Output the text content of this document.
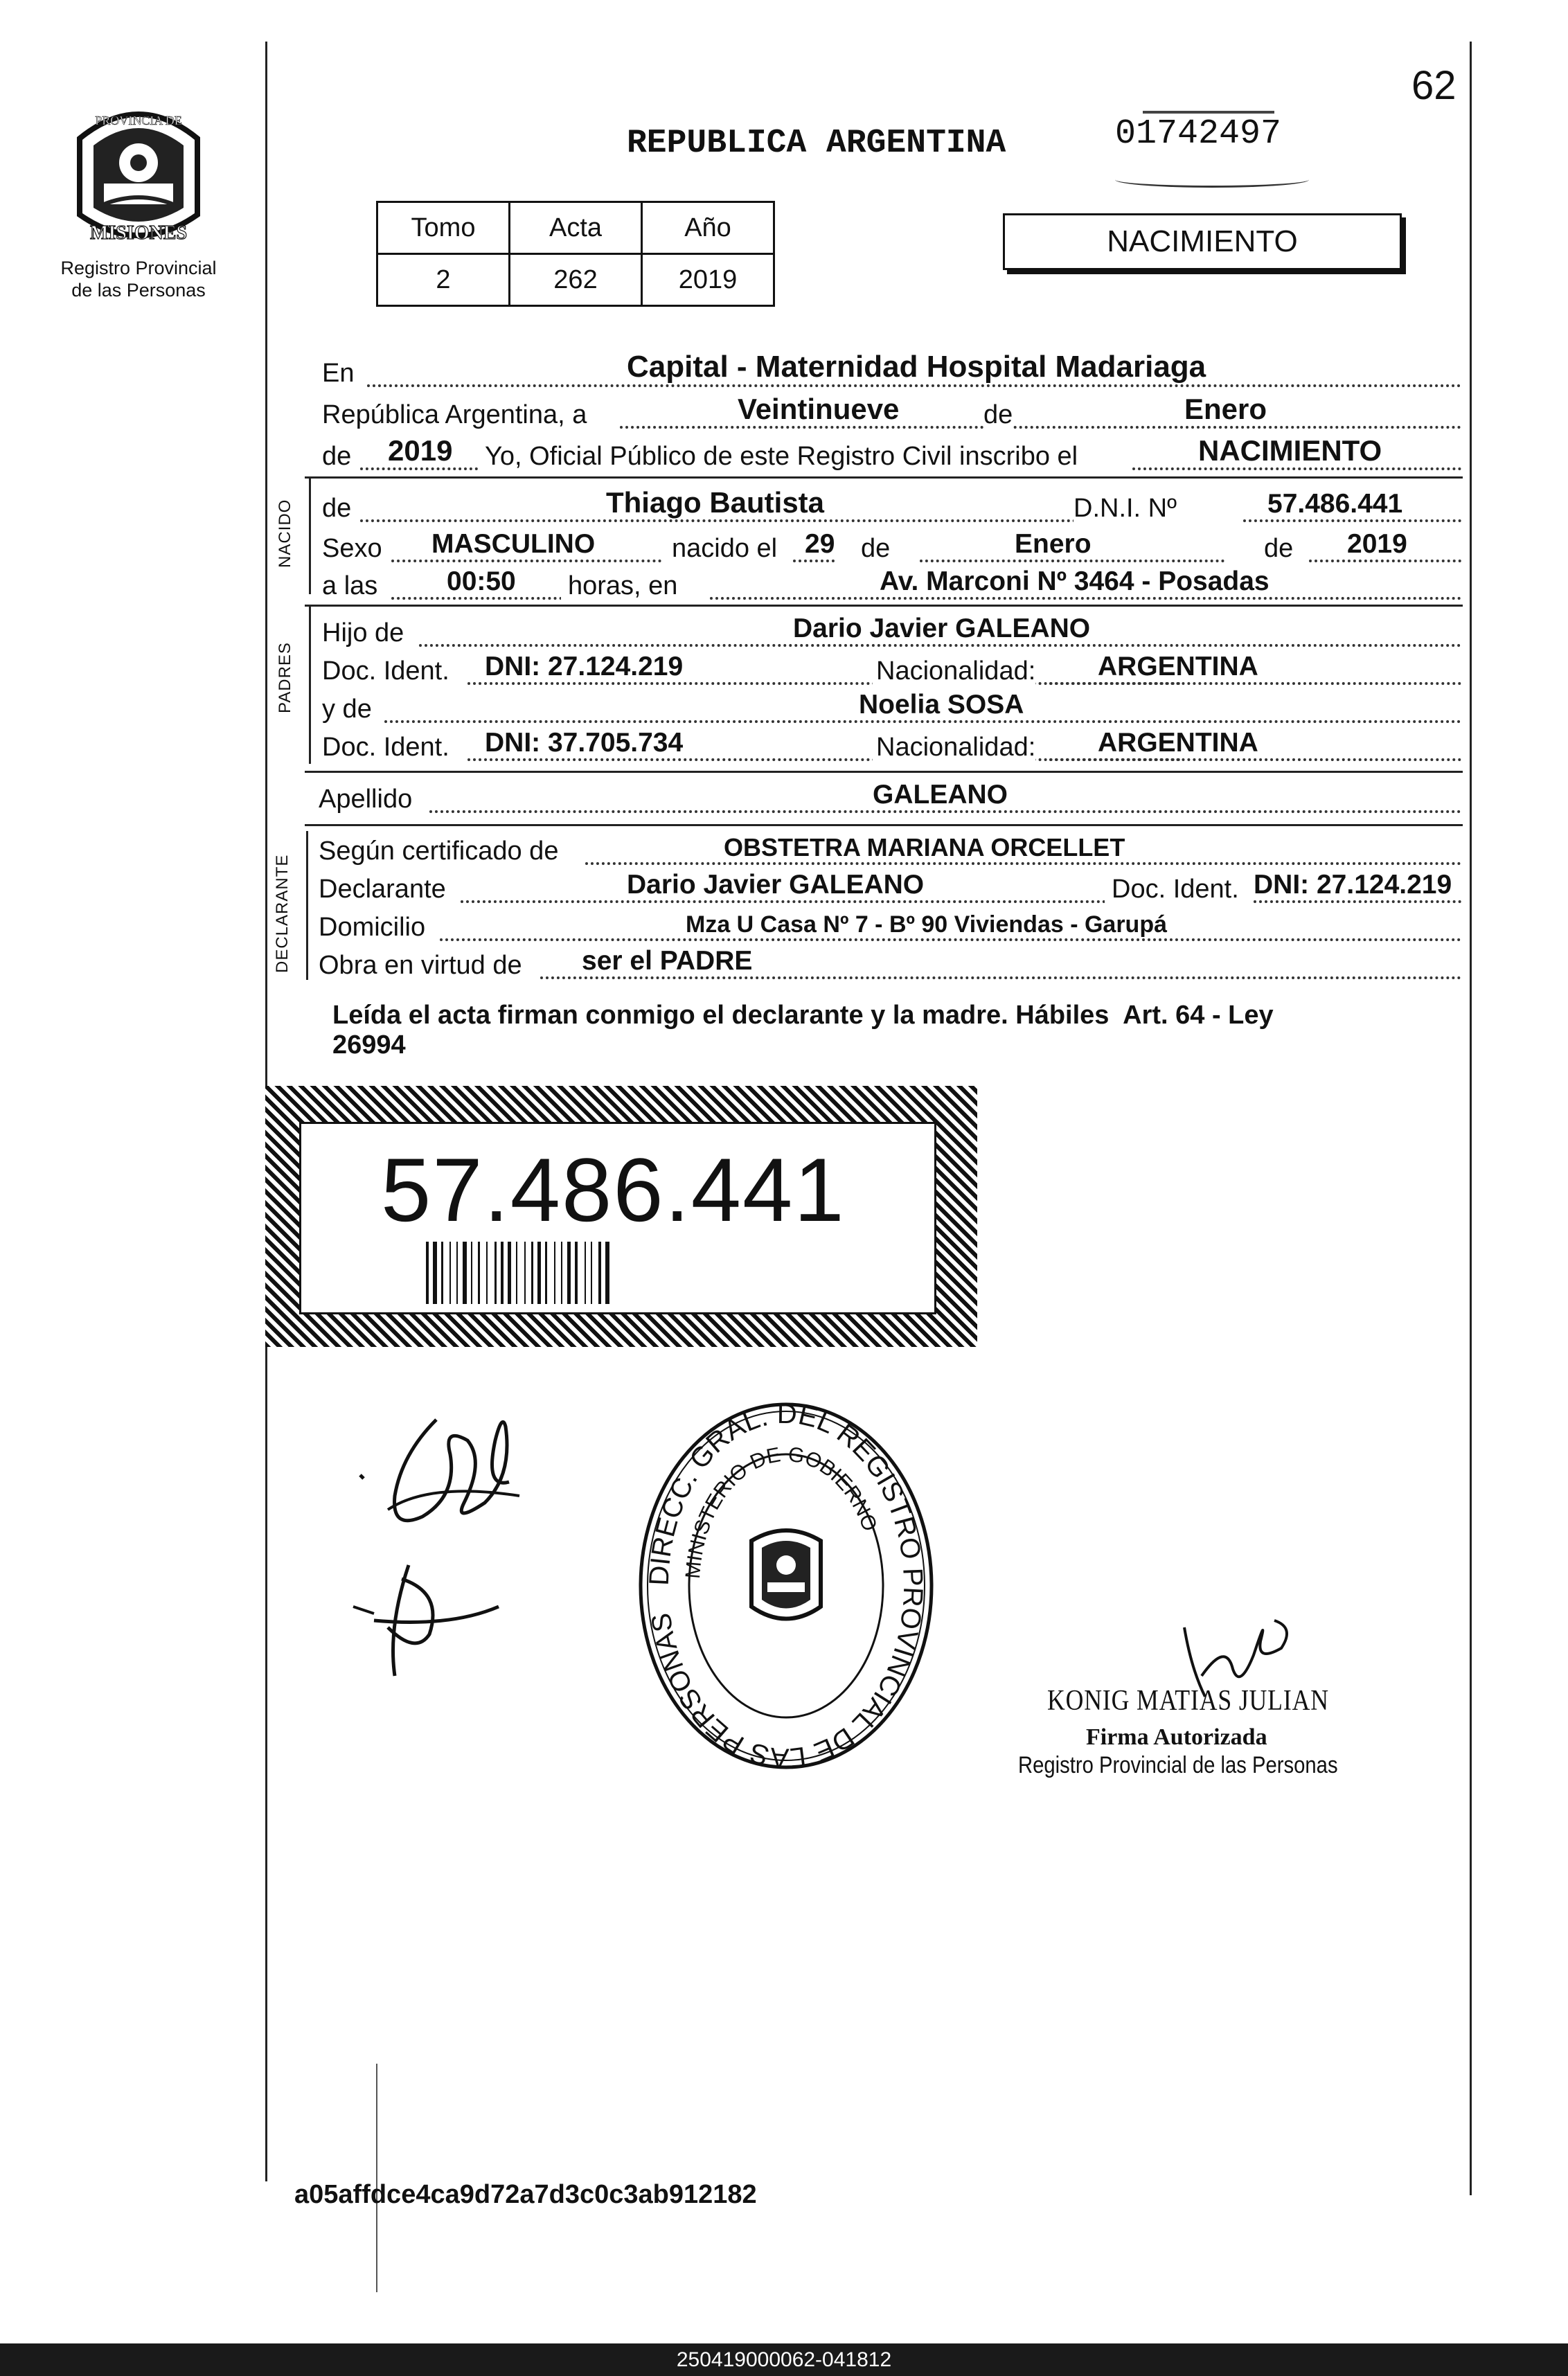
62
PROVINCIA DE
MISIONES
Registro Provincial
de las Personas
REPUBLICA ARGENTINA	01742497
Tomo	Acta	Año
2	262	2019
NACIMIENTO
En	Capital - Maternidad Hospital Madariaga
República Argentina, a	Veintinueve	de	Enero
de 2019 Yo, Oficial Público de este Registro Civil inscribo el	NACIMIENTO
NACIDO de	Thiago Bautista	D.N.I. Nº	57.486.441
Sexo MASCULINO	nacido el 29 de	Enero	de 2019
a las	00:50 horas, en	Av. Marconi Nº 3464 - Posadas
PADRES
Hijo de	Dario Javier GALEANO
Doc. Ident. DNI: 27.124.219	Nacionalidad: ARGENTINA
y de	Noelia SOSA
Doc. Ident. DNI: 37.705.734	Nacionalidad: ARGENTINA
Apellido	GALEANO
DECLARANTE
Según certificado de	OBSTETRA MARIANA ORCELLET
Declarante	Dario Javier GALEANO	Doc. Ident. DNI: 27.124.219
Domicilio	Mza U Casa Nº 7 - Bº 90 Viviendas - Garupá
Obra en virtud de ser el PADRE
Leída el acta firman conmigo el declarante y la madre. Hábiles  Art. 64 - Ley
26994
57.486.441
DIRECC. GRAL. DEL REGISTRO PROVINCIAL DE LAS PERSONAS
MINISTERIO DE GOBIERNO
KONIG MATIAS JULIAN
Firma Autorizada
Registro Provincial de las Personas
a05affdce4ca9d72a7d3c0c3ab912182
250419000062-041812
